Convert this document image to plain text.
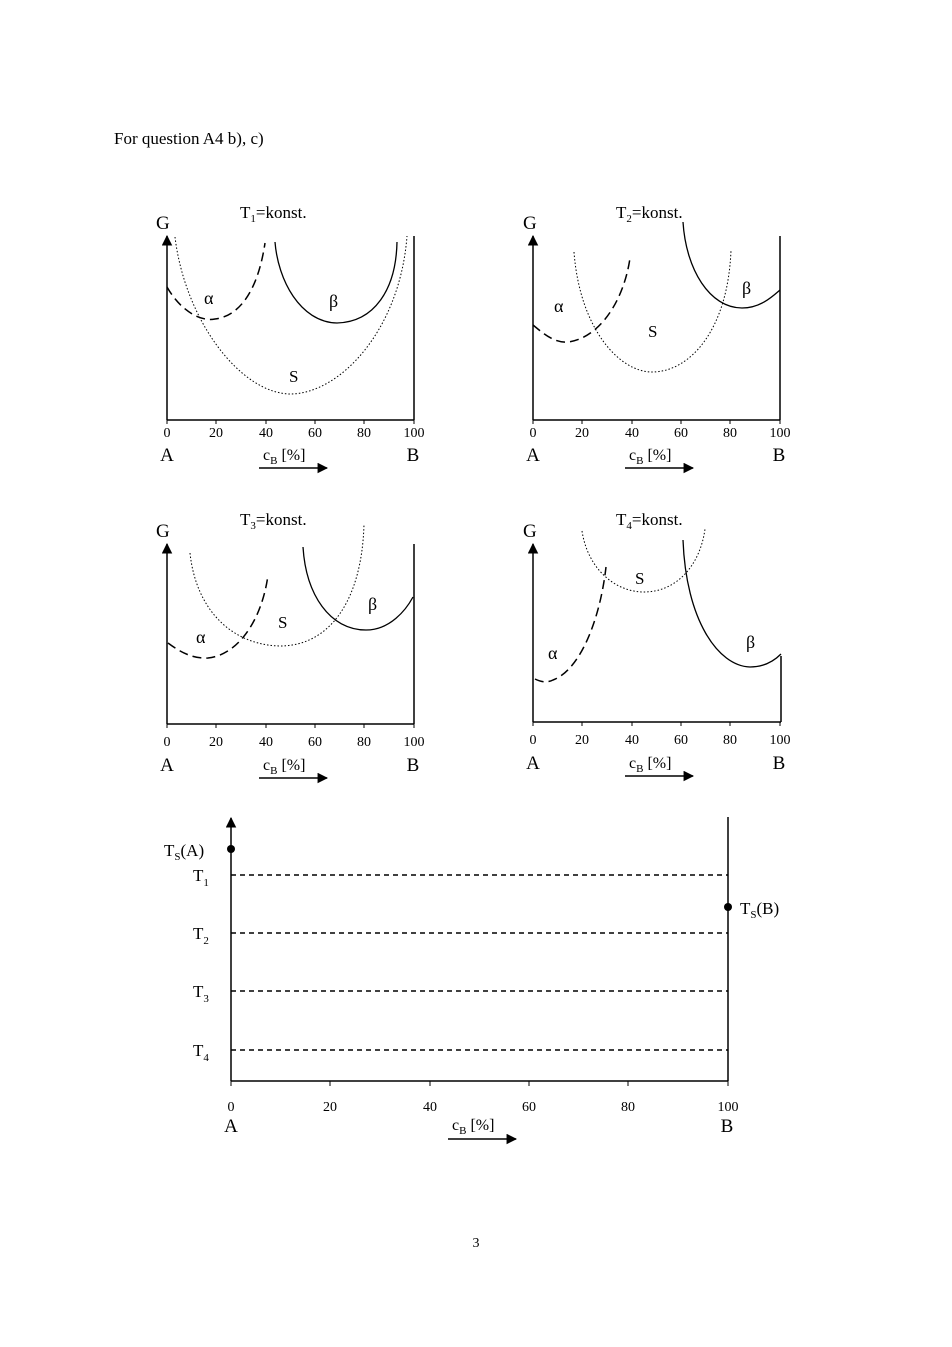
For question A4 b), c)
$T_1=konst$.
G
0	20	40	60	80 100
A	B
$c_B$ [%]
α	β
S
$T_2=konst$.
G
0	20	40	60	80 100
A	B
$c_B$ [%]
α
β
S
$T_3=konst$.
G
0	20	40	60	80 100
A	B
$c_B$ [%]
α
β
S
$T_4=konst$.
G
0	20	40	60	80 100
A	B
$c_B$ [%]
α
β
S
$T_1$
$T_2$
$T_3$
$T_4$
$T_S(A)$
$T_S(B)$
0	20	40	60	80	100
A	B
$c_B$ [%]
3
